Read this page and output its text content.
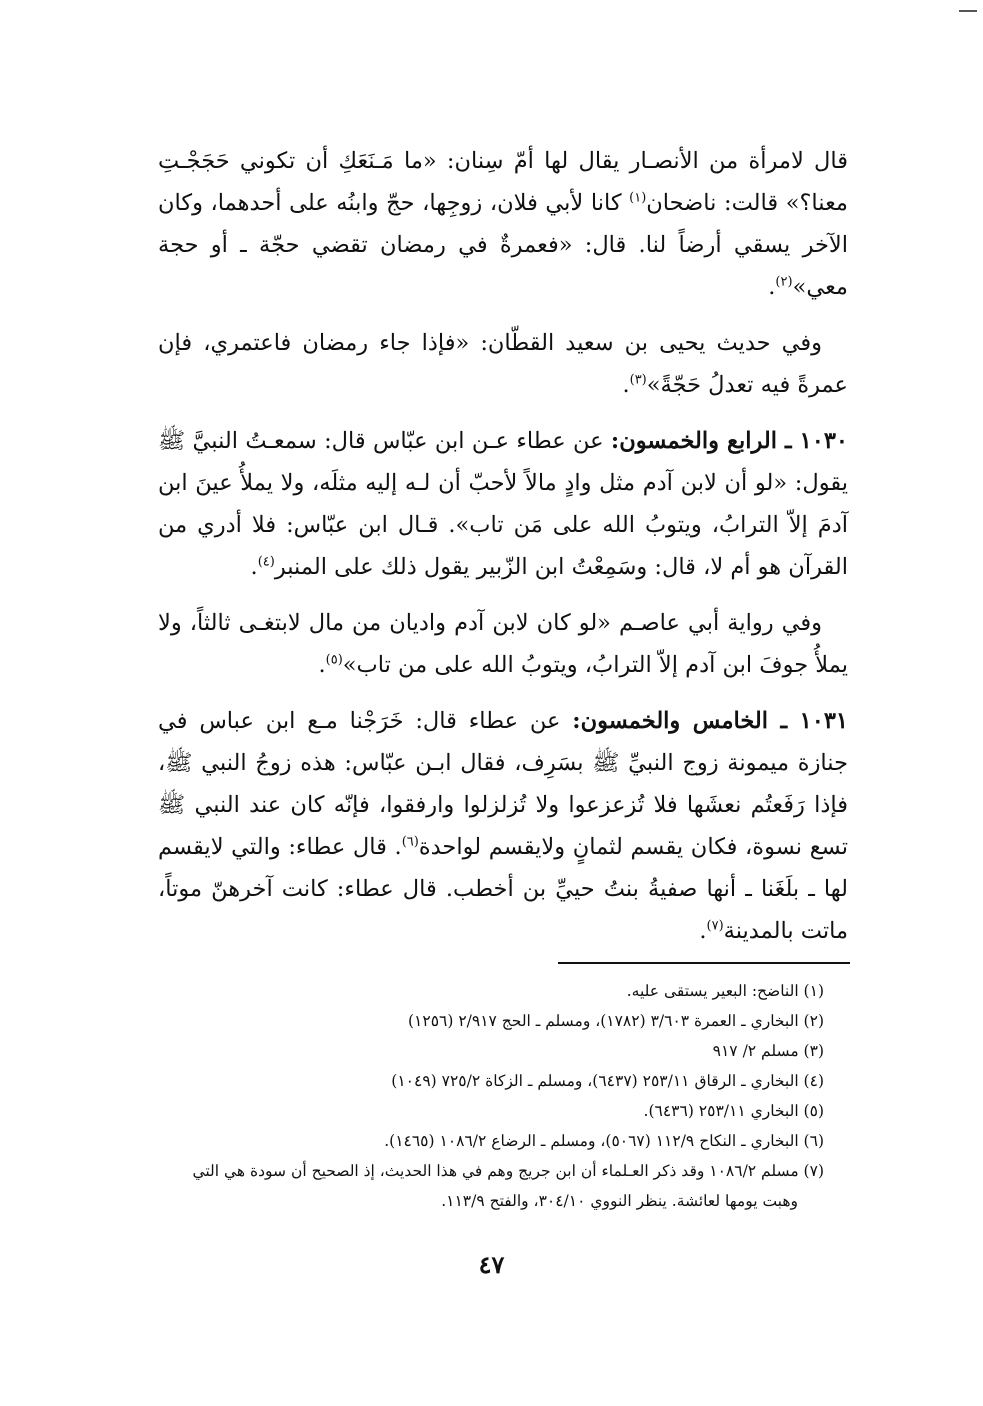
قال لامرأة من الأنصـار يقال لها أمّ سِنان: «ما مَـنَعَكِ أن تكوني حَجَجْـتِ معنا؟» قالت: ناضحان$^{(١)}$ كانا لأبي فلان، زوجِها، حجّ وابنُه على أحدهما، وكان الآخر يسقي أرضاً لنا. قال: «فعمرةٌ في رمضان تقضي حجّة ـ أو حجة معي»$^{(٢)}$.

وفي حديث يحيى بن سعيد القطّان: «فإذا جاء رمضان فاعتمري، فإن عمرةً فيه تعدلُ حَجّةً»$^{(٣)}$.

١٠٣٠ ـ الرابع والخمسون: عن عطاء عـن ابن عبّاس قال: سمعـتُ النبيَّ ﷺ يقول: «لو أن لابن آدم مثل وادٍ مالاً لأحبّ أن لـه إليه مثلَه، ولا يملأُ عينَ ابن آدمَ إلاّ الترابُ، ويتوبُ الله على مَن تاب». قـال ابن عبّاس: فلا أدري من القرآن هو أم لا، قال: وسَمِعْتُ ابن الزّبير يقول ذلك على المنبر$^{(٤)}$.

وفي رواية أبي عاصـم «لو كان لابن آدم واديان من مال لابتغـى ثالثاً، ولا يملأُ جوفَ ابن آدم إلاّ الترابُ، ويتوبُ الله على من تاب»$^{(٥)}$.

١٠٣١ ـ الخامس والخمسون: عن عطاء قال: خَرَجْنا مـع ابن عباس في جنازة ميمونة زوج النبيِّ ﷺ بسَرِف، فقال ابـن عبّاس: هذه زوجُ النبي ﷺ، فإذا رَفَعتُم نعشَها فلا تُزعزعوا ولا تُزلزلوا وارفقوا، فإنّه كان عند النبي ﷺ تسع نسوة، فكان يقسم لثمانٍ ولايقسم لواحدة$^{(٦)}$. قال عطاء: والتي لايقسم لها ـ بلَغَنا ـ أنها صفيةُ بنتُ حييِّ بن أخطب. قال عطاء: كانت آخرهنّ موتاً، ماتت بالمدينة$^{(٧)}$.

(١) الناضح: البعير يستقى عليه.

(٢) البخاري ـ العمرة ٣/٦٠٣ (١٧٨٢)، ومسلم ـ الحج ٢/٩١٧ (١٢٥٦)

(٣) مسلم ٢/ ٩١٧

(٤) البخاري ـ الرقاق ٢٥٣/١١ (٦٤٣٧)، ومسلم ـ الزكاة ٧٢٥/٢ (١٠٤٩)

(٥) البخاري ٢٥٣/١١ (٦٤٣٦).

(٦) البخاري ـ النكاح ١١٢/٩ (٥٠٦٧)، ومسلم ـ الرضاع ١٠٨٦/٢ (١٤٦٥).

(٧) مسلم ١٠٨٦/٢ وقد ذكر العـلماء أن ابن جريج وهم في هذا الحديث، إذ الصحيح أن سودة هي التي
وهبت يومها لعائشة. ينظر النووي ٣٠٤/١٠، والفتح ١١٣/٩.

٤٧
